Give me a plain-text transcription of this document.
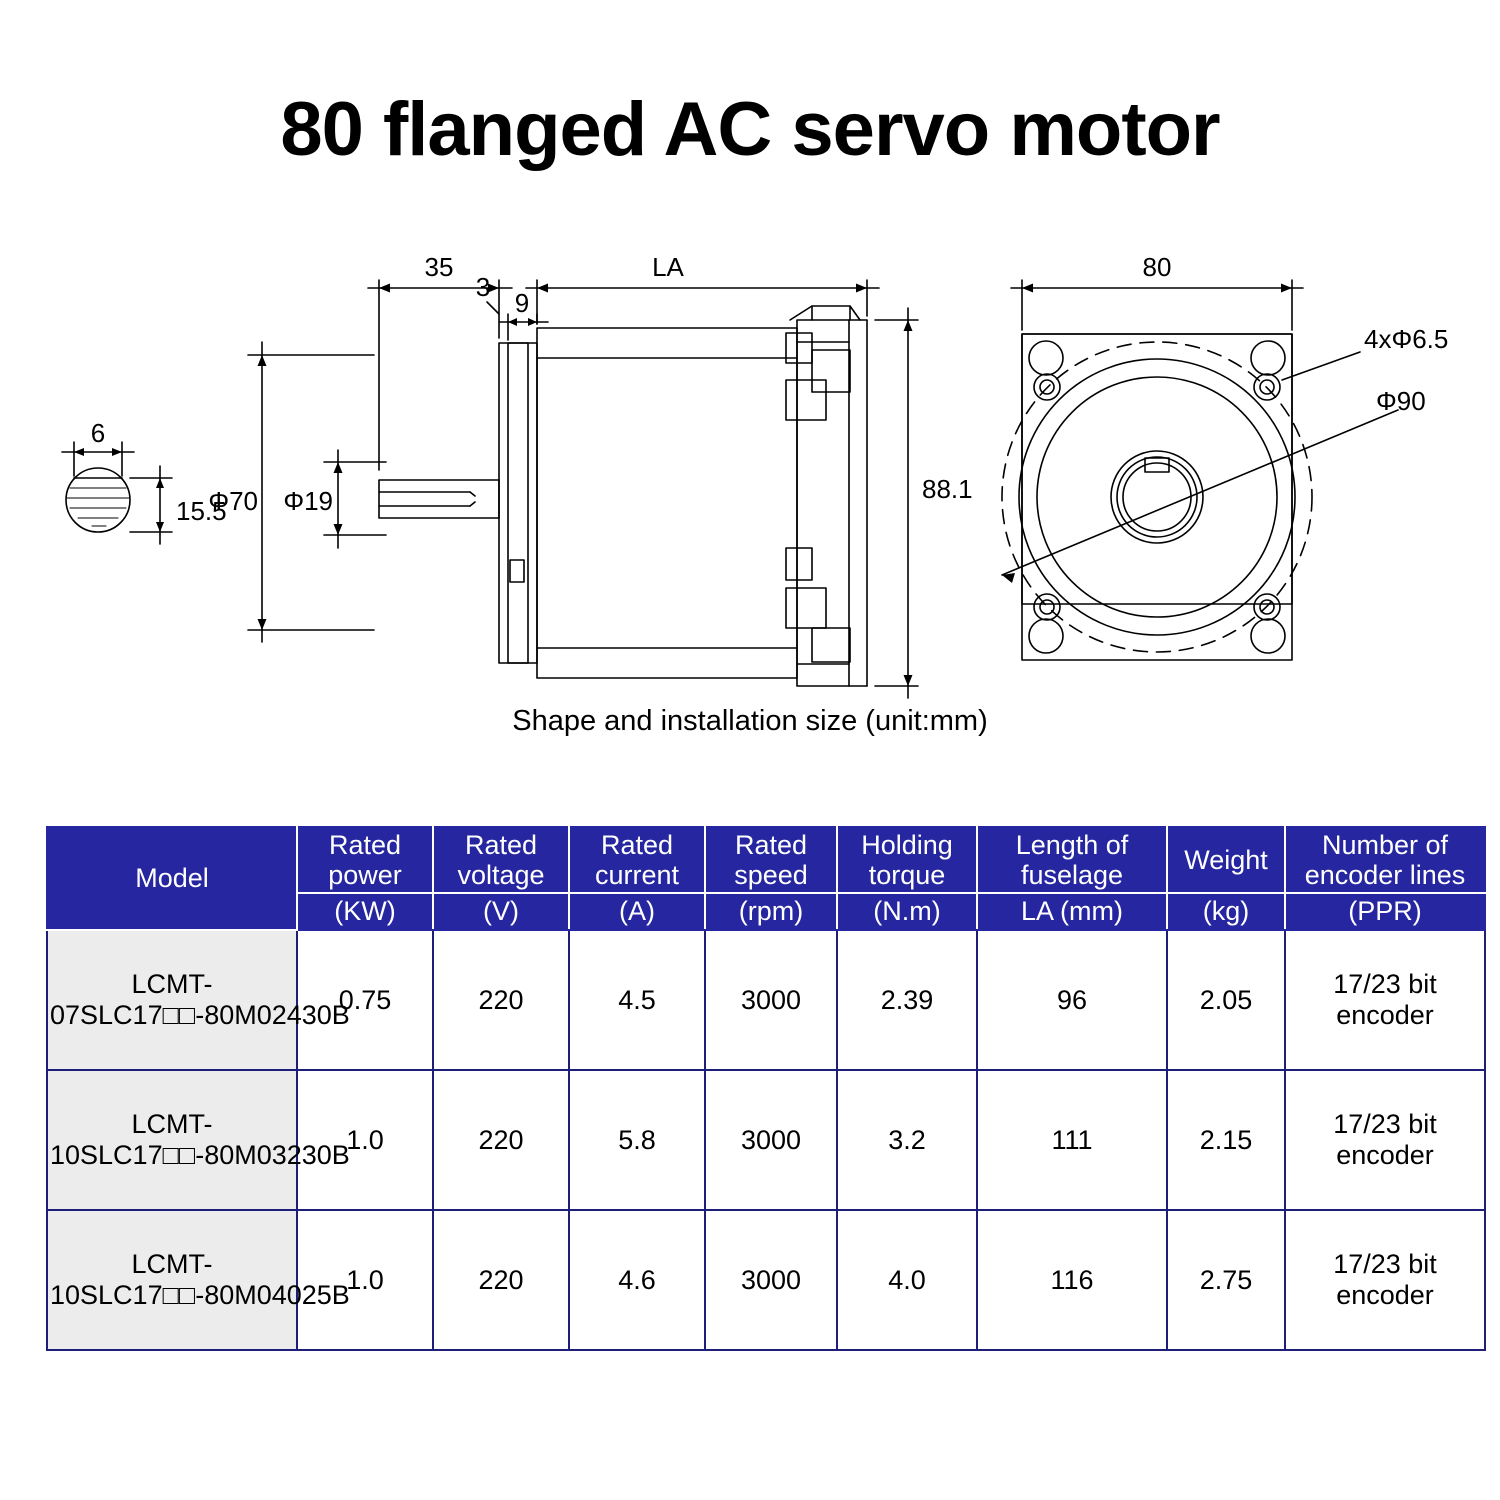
80 flanged AC servo motor
35	LA
3
9
80
88.1
Φ70 Φ19
6
15.5
4xΦ6.5
Φ90
Shape and installation size (unit:mm)
Model	Rated power	Rated voltage	Rated current	Rated speed	Holding torque	Length of fuselage	Weight	Number of encoder lines
	(KW)	(V)	(A)	(rpm)	(N.m)	LA (mm)	(kg)	(PPR)
LCMT-07SLC17□□-80M02430B	0.75	220	4.5	3000	2.39	96	2.05	17/23 bit encoder
LCMT-10SLC17□□-80M03230B	1.0	220	5.8	3000	3.2	111	2.15	17/23 bit encoder
LCMT-10SLC17□□-80M04025B	1.0	220	4.6	3000	4.0	116	2.75	17/23 bit encoder
